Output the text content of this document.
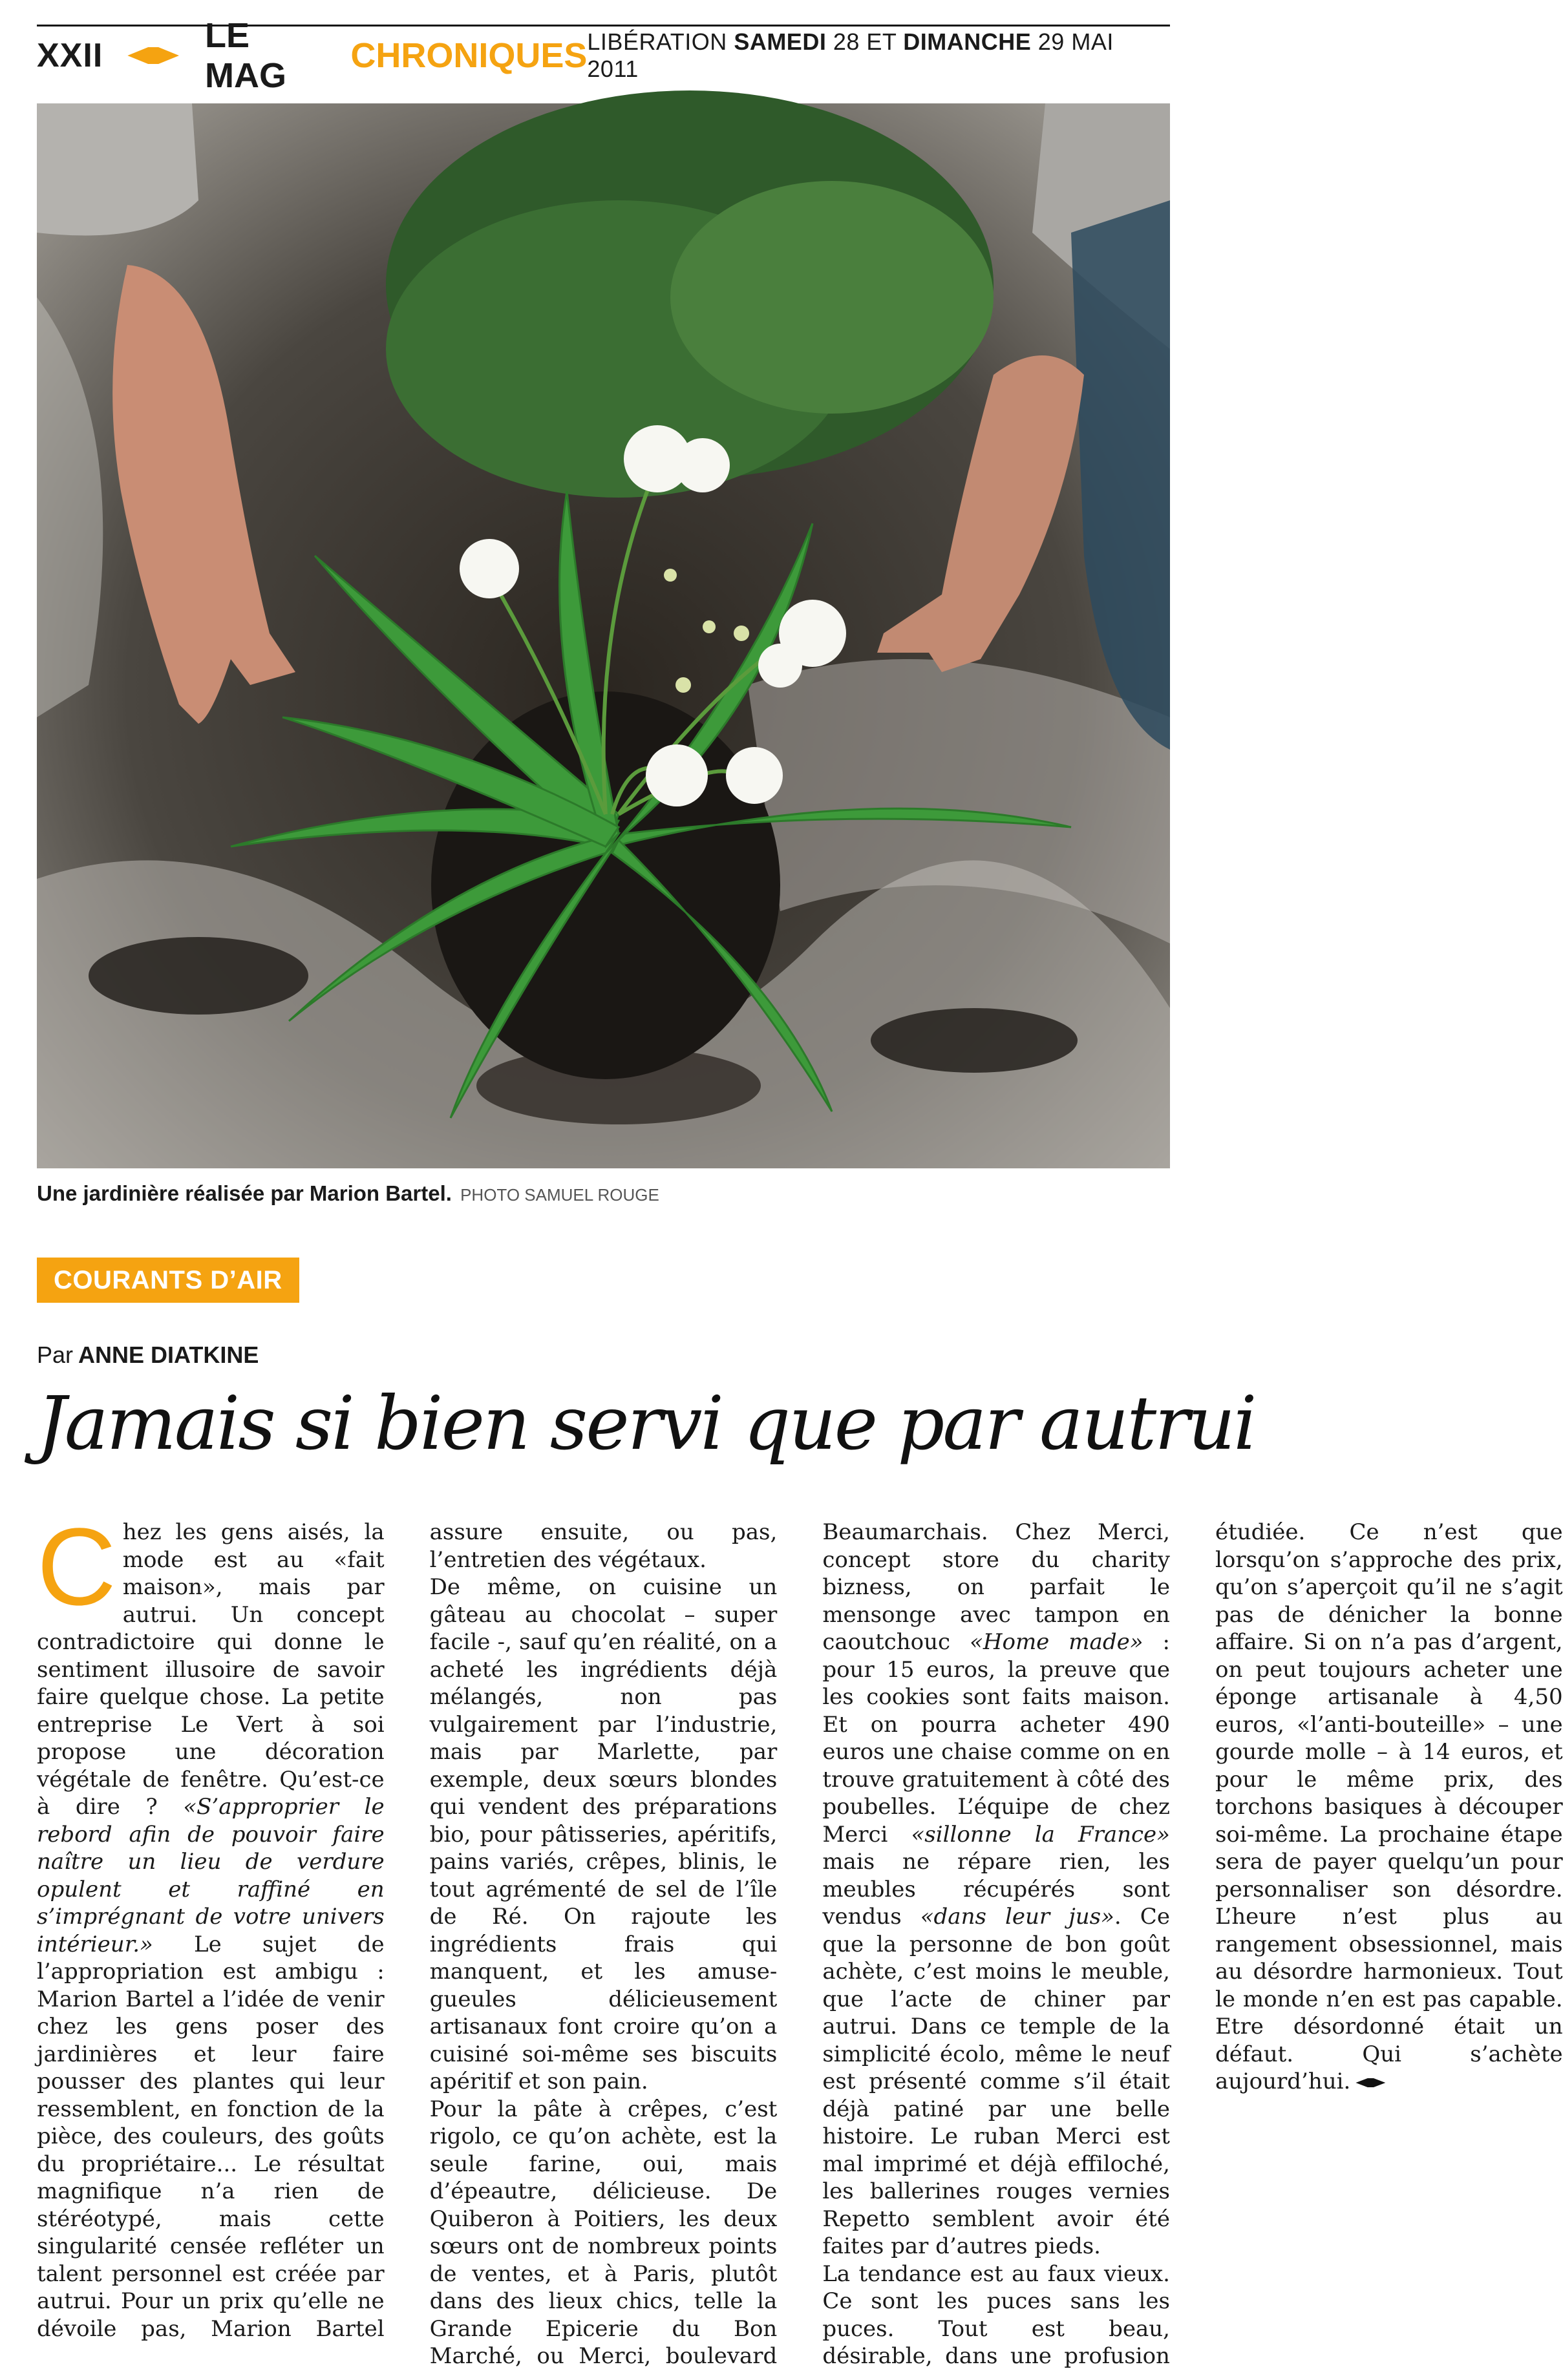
XXII
LE MAG
CHRONIQUES LIBÉRATION SAMEDI 28 ET DIMANCHE 29 MAI 2011
Une jardinière réalisée par Marion Bartel. PHOTO SAMUEL ROUGE
COURANTS D’AIR
Par ANNE DIATKINE
Jamais si bien servi que par autrui

Chez les gens aisés, la mode est au «fait maison», mais par autrui. Un concept contradictoire qui donne le sentiment illusoire de savoir faire quelque chose. La petite entreprise Le Vert à soi propose une décoration végétale de fenêtre. Qu’est-ce à dire ? «S’approprier le rebord afin de pouvoir faire naître un lieu de verdure opulent et raffiné en s’imprégnant de votre univers intérieur.» Le sujet de l’appropriation est ambigu : Marion Bartel a l’idée de venir chez les gens poser des jardinières et leur faire pousser des plantes qui leur ressemblent, en fonction de la pièce, des couleurs, des goûts du propriétaire... Le résultat magnifique n’a rien de stéréotypé, mais cette singularité censée refléter un talent personnel est créée par autrui. Pour un prix qu’elle ne dévoile pas, Marion Bartel assure ensuite, ou pas, l’entretien des végétaux.

De même, on cuisine un gâteau au chocolat – super facile -, sauf qu’en réalité, on a acheté les ingrédients déjà mélangés, non pas vulgairement par l’industrie, mais par Marlette, par exemple, deux sœurs blondes qui vendent des préparations bio, pour pâtisseries, apéritifs, pains variés, crêpes, blinis, le tout agrémenté de sel de l’île de Ré. On rajoute les ingrédients frais qui manquent, et les amuse-gueules délicieusement artisanaux font croire qu’on a cuisiné soi-même ses biscuits apéritif et son pain.

Pour la pâte à crêpes, c’est rigolo, ce qu’on achète, est la seule farine, oui, mais d’épeautre, délicieuse. De Quiberon à Poitiers, les deux sœurs ont de nombreux points de ventes, et à Paris, plutôt dans des lieux chics, telle la Grande Epicerie du Bon Marché, ou Merci, boulevard Beaumarchais. Chez Merci, concept store du charity bizness, on parfait le mensonge avec tampon en caoutchouc «Home made» : pour 15 euros, la preuve que les cookies sont faits maison. Et on pourra acheter 490 euros une chaise comme on en trouve gratuitement à côté des poubelles. L’équipe de chez Merci «sillonne la France» mais ne répare rien, les meubles récupérés sont vendus «dans leur jus». Ce que la personne de bon goût achète, c’est moins le meuble, que l’acte de chiner par autrui. Dans ce temple de la simplicité écolo, même le neuf est présenté comme s’il était déjà patiné par une belle histoire. Le ruban Merci est mal imprimé et déjà effiloché, les ballerines rouges vernies Repetto semblent avoir été faites par d’autres pieds.

La tendance est au faux vieux. Ce sont les puces sans les puces. Tout est beau, désirable, dans une profusion étudiée. Ce n’est que lorsqu’on s’approche des prix, qu’on s’aperçoit qu’il ne s’agit pas de dénicher la bonne affaire. Si on n’a pas d’argent, on peut toujours acheter une éponge artisanale à 4,50 euros, «l’anti-bouteille» – une gourde molle – à 14 euros, et pour le même prix, des torchons basiques à découper soi-même. La prochaine étape sera de payer quelqu’un pour personnaliser son désordre. L’heure n’est plus au rangement obsessionnel, mais au désordre harmonieux. Tout le monde n’en est pas capable. Etre désordonné était un défaut. Qui s’achète aujourd’hui.
